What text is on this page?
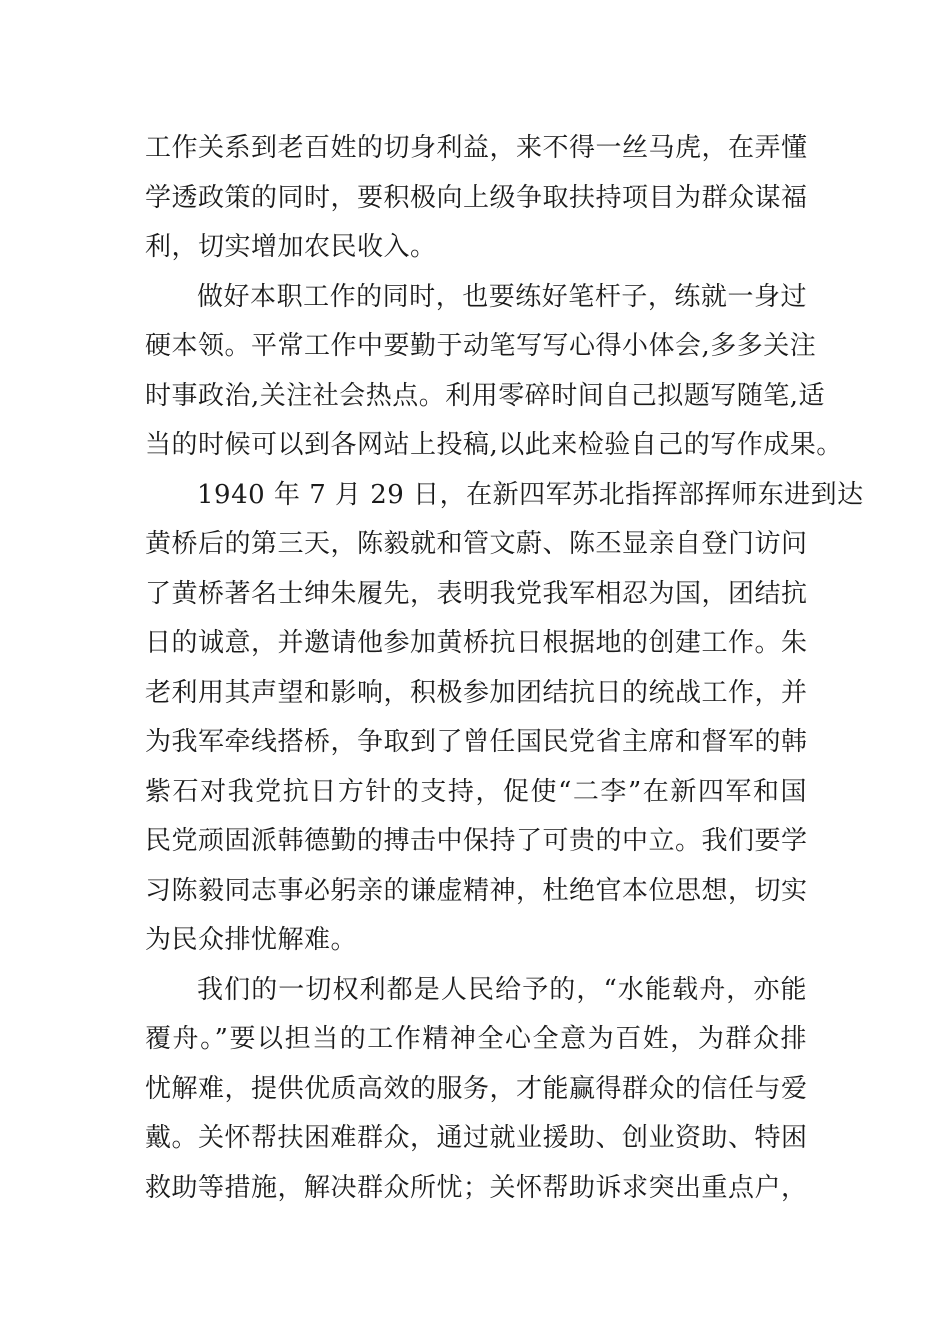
工作关系到老百姓的切身利益，来不得一丝马虎，在弄懂
学透政策的同时，要积极向上级争取扶持项目为群众谋福
利，切实增加农民收入。
做好本职工作的同时，也要练好笔杆子，练就一身过
硬本领。平常工作中要勤于动笔写写心得小体会,多多关注
时事政治,关注社会热点。利用零碎时间自己拟题写随笔,适
当的时候可以到各网站上投稿,以此来检验自己的写作成果。
1940 年 7 月 29 日，在新四军苏北指挥部挥师东进到达
黄桥后的第三天，陈毅就和管文蔚、陈丕显亲自登门访问
了黄桥著名士绅朱履先，表明我党我军相忍为国，团结抗
日的诚意，并邀请他参加黄桥抗日根据地的创建工作。朱
老利用其声望和影响，积极参加团结抗日的统战工作，并
为我军牵线搭桥，争取到了曾任国民党省主席和督军的韩
紫石对我党抗日方针的支持，促使“二李”在新四军和国
民党顽固派韩德勤的搏击中保持了可贵的中立。我们要学
习陈毅同志事必躬亲的谦虚精神，杜绝官本位思想，切实
为民众排忧解难。
我们的一切权利都是人民给予的，“水能载舟，亦能
覆舟。”要以担当的工作精神全心全意为百姓，为群众排
忧解难，提供优质高效的服务，才能赢得群众的信任与爱
戴。关怀帮扶困难群众，通过就业援助、创业资助、特困
救助等措施，解决群众所忧；关怀帮助诉求突出重点户，
